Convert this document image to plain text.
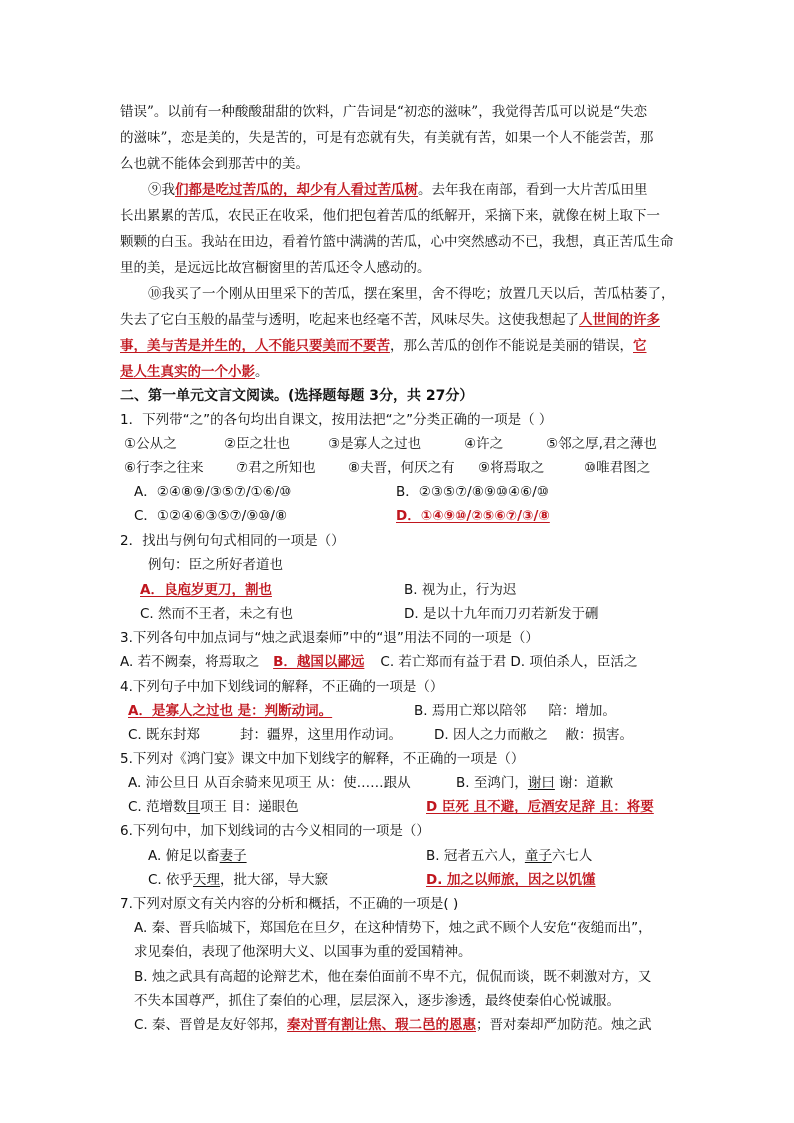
错误”。以前有一种酸酸甜甜的饮料，广告词是“初恋的滋味”，我觉得苦瓜可以说是“失恋
的滋味”，恋是美的，失是苦的，可是有恋就有失，有美就有苦，如果一个人不能尝苦，那
么也就不能体会到那苦中的美。
⑨我们都是吃过苦瓜的，却少有人看过苦瓜树。去年我在南部，看到一大片苦瓜田里
长出累累的苦瓜，农民正在收采，他们把包着苦瓜的纸解开，采摘下来，就像在树上取下一
颗颗的白玉。我站在田边，看着竹篮中满满的苦瓜，心中突然感动不已，我想，真正苦瓜生命
里的美，是远远比故宫橱窗里的苦瓜还令人感动的。
⑩我买了一个刚从田里采下的苦瓜，摆在案里，舍不得吃；放置几天以后，苦瓜枯萎了，
失去了它白玉般的晶莹与透明，吃起来也经毫不苦，风味尽失。这使我想起了人世间的许多
事，美与苦是并生的，人不能只要美而不要苦，那么苦瓜的创作不能说是美丽的错误，它
是人生真实的一个小影。
二、第一单元文言文阅读。(选择题每题 3分，共 27分）
1．下列带“之”的各句均出自课文，按用法把“之”分类正确的一项是（ ）
①公从之	②臣之壮也	③是寡人之过也	④许之	⑤邻之厚,君之薄也
⑥行李之往来 ⑦君之所知也 ⑧夫晋，何厌之有 ⑨将焉取之	⑩唯君图之
A．②④⑧⑨/③⑤⑦/①⑥/⑩	B．②③⑤⑦/⑧⑨⑩④⑥/⑩
C．①②④⑥③⑤⑦/⑨⑩/⑧	D．①④⑨⑩/②⑤⑥⑦/③/⑧
2．找出与例句句式相同的一项是（）
例句：臣之所好者道也
A．良庖岁更刀，割也	B. 视为止，行为迟
C. 然而不王者，未之有也	D. 是以十九年而刀刃若新发于硎
3.下列各句中加点词与“烛之武退秦师”中的“退”用法不同的一项是（）
A. 若不阙秦，将焉取之 B．越国以鄙远 C. 若亡郑而有益于君 D. 项伯杀人，臣活之
4.下列句子中加下划线词的解释，不正确的一项是（）
A．是寡人之过也 是：判断动词。	B. 焉用亡郑以陪邻 陪：增加。
C. 既东封郑	封：疆界，这里用作动词。 D. 因人之力而敝之 敝：损害。
5.下列对《鸿门宴》课文中加下划线字的解释，不正确的一项是（）
A. 沛公旦日 从百余骑来见项王 从：使……跟从	B. 至鸿门，谢曰 谢：道歉
C. 范增数目项王 目：递眼色	D 臣死 且不避，卮酒安足辞 且：将要
6.下列句中，加下划线词的古今义相同的一项是（）
A. 俯足以畜妻子	B. 冠者五六人，童子六七人
C. 依乎天理，批大郤，导大窾	D. 加之以师旅，因之以饥馑
7.下列对原文有关内容的分析和概括，不正确的一项是( )
A. 秦、晋兵临城下，郑国危在旦夕，在这种情势下，烛之武不顾个人安危“夜缒而出”，
求见秦伯，表现了他深明大义、以国事为重的爱国精神。
B. 烛之武具有高超的论辩艺术，他在秦伯面前不卑不亢，侃侃而谈，既不刺激对方，又
不失本国尊严，抓住了秦伯的心理，层层深入，逐步渗透，最终使秦伯心悦诚服。
C. 秦、晋曾是友好邻邦，秦对晋有割让焦、瑕二邑的恩惠；晋对秦却严加防范。烛之武
